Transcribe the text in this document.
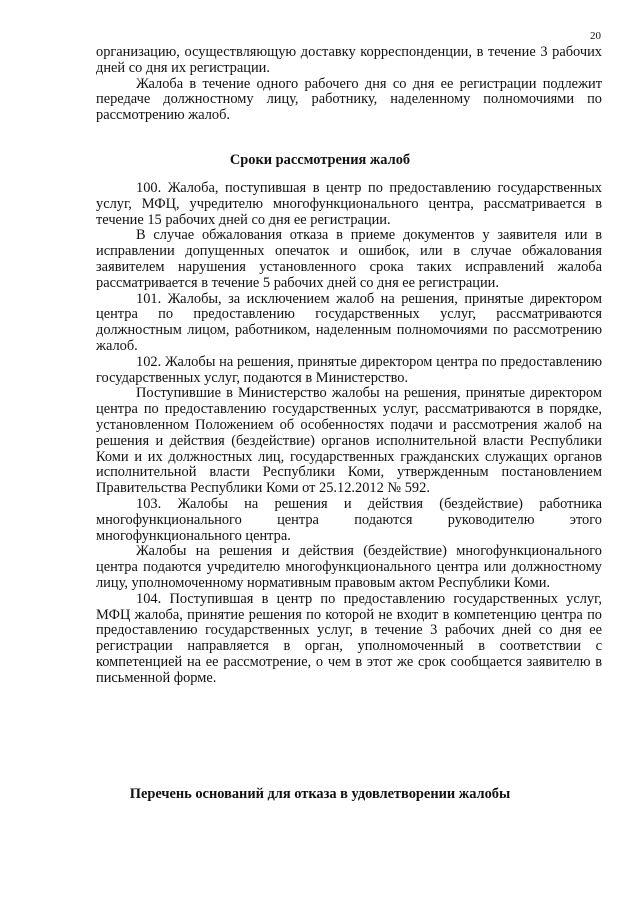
20

организацию, осуществляющую доставку корреспонденции, в течение 3 рабочих дней со дня их регистрации.

Жалоба в течение одного рабочего дня со дня ее регистрации подлежит передаче должностному лицу, работнику, наделенному полномочиями по рассмотрению жалоб.

Сроки рассмотрения жалоб

100. Жалоба, поступившая в центр по предоставлению государственных услуг, МФЦ, учредителю многофункционального центра, рассматривается в течение 15 рабочих дней со дня ее регистрации.

В случае обжалования отказа в приеме документов у заявителя или в исправлении допущенных опечаток и ошибок, или в случае обжалования заявителем нарушения установленного срока таких исправлений жалоба рассматривается в течение 5 рабочих дней со дня ее регистрации.

101. Жалобы, за исключением жалоб на решения, принятые директором центра по предоставлению государственных услуг, рассматриваются должностным лицом, работником, наделенным полномочиями по рассмотрению жалоб.

102. Жалобы на решения, принятые директором центра по предоставлению государственных услуг, подаются в Министерство.

Поступившие в Министерство жалобы на решения, принятые директором центра по предоставлению государственных услуг, рассматриваются в порядке, установленном Положением об особенностях подачи и рассмотрения жалоб на решения и действия (бездействие) органов исполнительной власти Республики Коми и их должностных лиц, государственных гражданских служащих органов исполнительной власти Республики Коми, утвержденным постановлением Правительства Республики Коми от 25.12.2012 № 592.

103. Жалобы на решения и действия (бездействие) работника многофункционального центра подаются руководителю этого многофункционального центра.

Жалобы на решения и действия (бездействие) многофункционального центра подаются учредителю многофункционального центра или должностному лицу, уполномоченному нормативным правовым актом Республики Коми.

104. Поступившая в центр по предоставлению государственных услуг, МФЦ жалоба, принятие решения по которой не входит в компетенцию центра по предоставлению государственных услуг, в течение 3 рабочих дней со дня ее регистрации направляется в орган, уполномоченный в соответствии с компетенцией на ее рассмотрение, о чем в этот же срок сообщается заявителю в письменной форме.

Перечень оснований для отказа в удовлетворении жалобы
